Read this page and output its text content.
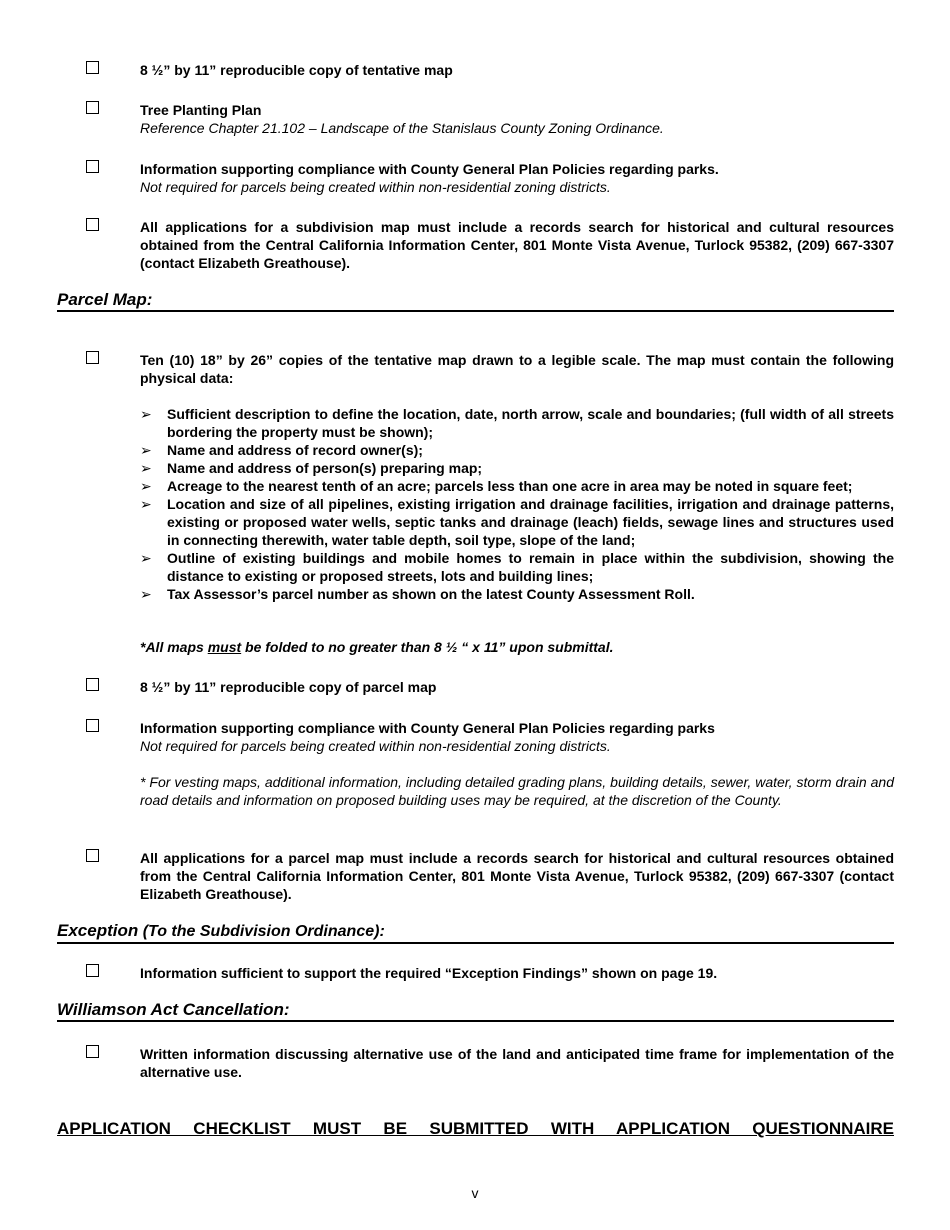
8 ½” by 11” reproducible copy of tentative map
Tree Planting Plan
Reference Chapter 21.102 – Landscape of the Stanislaus County Zoning Ordinance.
Information supporting compliance with County General Plan Policies regarding parks.
Not required for parcels being created within non-residential zoning districts.
All applications for a subdivision map must include a records search for historical and cultural resources obtained from the Central California Information Center, 801 Monte Vista Avenue, Turlock 95382, (209) 667-3307 (contact Elizabeth Greathouse).
Parcel Map:
Ten (10) 18” by 26” copies of the tentative map drawn to a legible scale. The map must contain the following physical data:
➢ Sufficient description to define the location, date, north arrow, scale and boundaries; (full width of all streets bordering the property must be shown);
➢ Name and address of record owner(s);
➢ Name and address of person(s) preparing map;
➢ Acreage to the nearest tenth of an acre; parcels less than one acre in area may be noted in square feet;
➢ Location and size of all pipelines, existing irrigation and drainage facilities, irrigation and drainage patterns, existing or proposed water wells, septic tanks and drainage (leach) fields, sewage lines and structures used in connecting therewith, water table depth, soil type, slope of the land;
➢ Outline of existing buildings and mobile homes to remain in place within the subdivision, showing the distance to existing or proposed streets, lots and building lines;
➢ Tax Assessor’s parcel number as shown on the latest County Assessment Roll.
*All maps must be folded to no greater than 8 ½ “ x 11” upon submittal.
8 ½” by 11” reproducible copy of parcel map
Information supporting compliance with County General Plan Policies regarding parks
Not required for parcels being created within non-residential zoning districts.
* For vesting maps, additional information, including detailed grading plans, building details, sewer, water, storm drain and road details and information on proposed building uses may be required, at the discretion of the County.
All applications for a parcel map must include a records search for historical and cultural resources obtained from the Central California Information Center, 801 Monte Vista Avenue, Turlock 95382, (209) 667-3307 (contact Elizabeth Greathouse).
Exception (To the Subdivision Ordinance):
Information sufficient to support the required “Exception Findings” shown on page 19.
Williamson Act Cancellation:
Written information discussing alternative use of the land and anticipated time frame for implementation of the alternative use.
APPLICATION CHECKLIST MUST BE SUBMITTED WITH APPLICATION QUESTIONNAIRE
v
